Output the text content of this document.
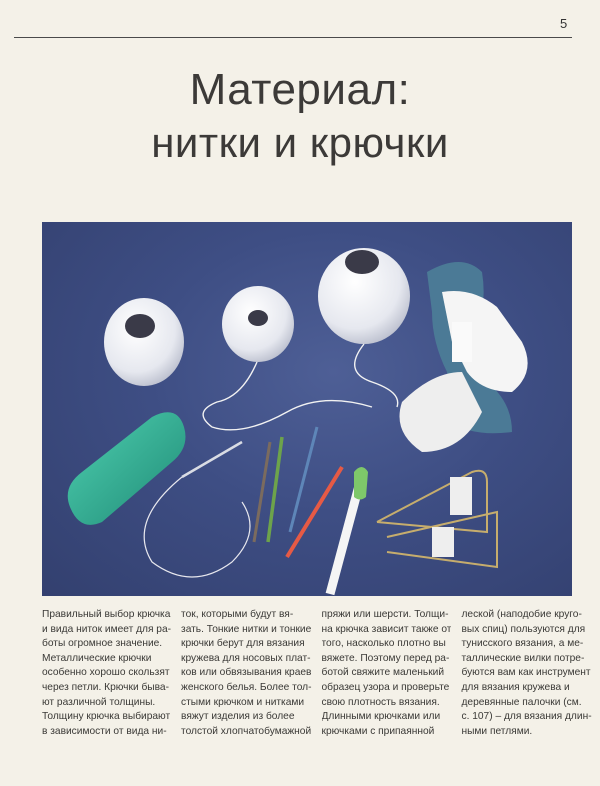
5
Материал:
нитки и крючки
Правильный выбор крючка
и вида ниток имеет для ра-
боты огромное значение.
Металлические крючки
особенно хорошо скользят
через петли. Крючки быва-
ют различной толщины.
Толщину крючка выбирают
в зависимости от вида ни-
ток, которыми будут вя-
зать. Тонкие нитки и тонкие
крючки берут для вязания
кружева для носовых плат-
ков или обвязывания краев
женского белья. Более тол-
стыми крючком и нитками
вяжут изделия из более
толстой хлопчатобумажной
пряжи или шерсти. Толщи-
на крючка зависит также от
того, насколько плотно вы
вяжете. Поэтому перед ра-
ботой свяжите маленький
образец узора и проверьте
свою плотность вязания.
Длинными крючками или
крючками с припаянной
леской (наподобие круго-
вых спиц) пользуются для
тунисского вязания, а ме-
таллические вилки потре-
буются вам как инструмент
для вязания кружева и
деревянные палочки (см.
с. 107) – для вязания длин-
ными петлями.
